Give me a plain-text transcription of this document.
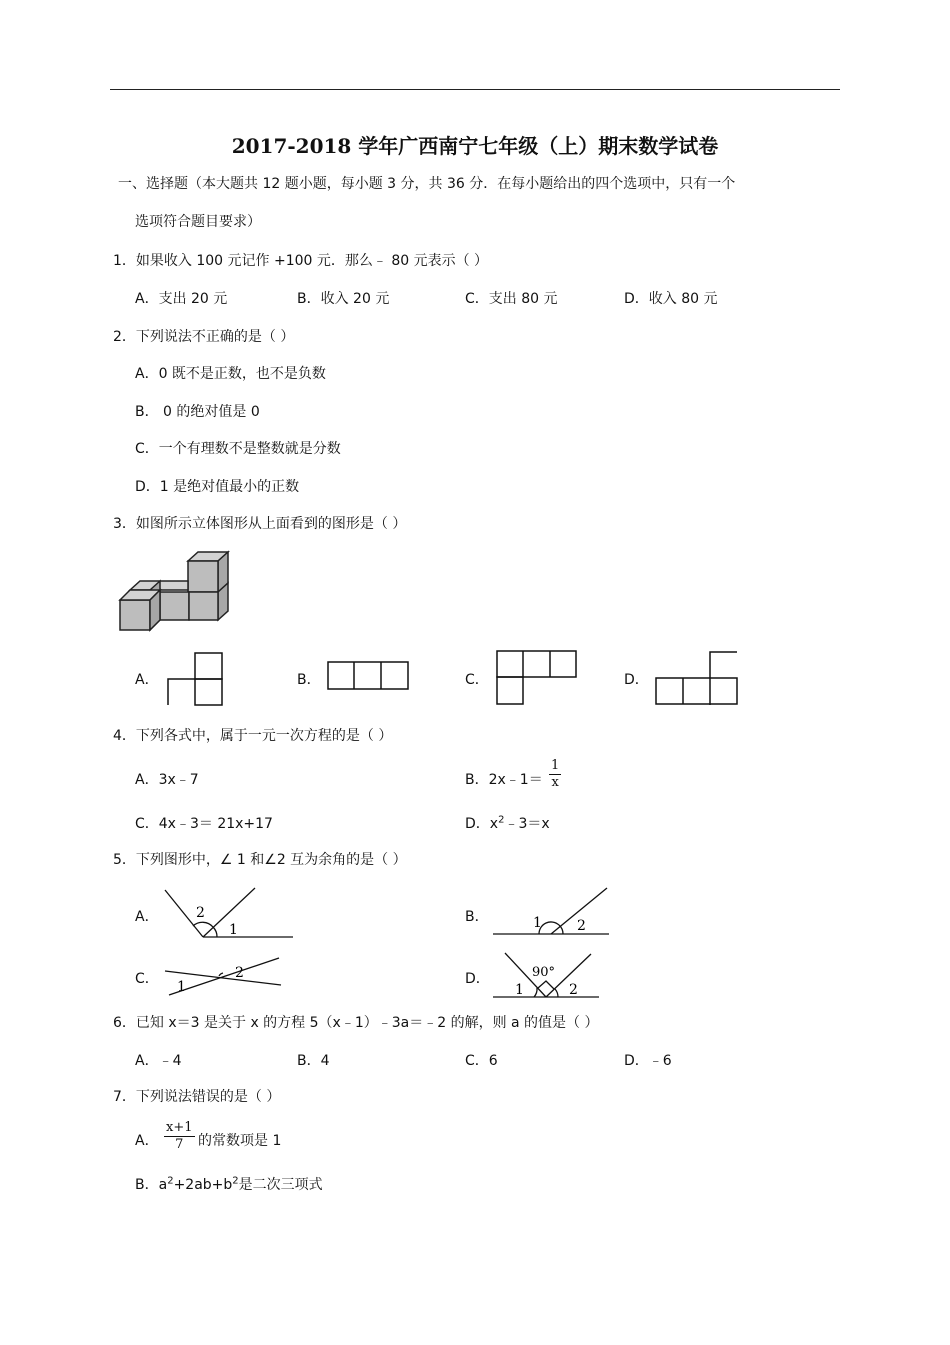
2017-2018 学年广西南宁七年级（上）期末数学试卷
一、选择题（本大题共 12 题小题，每小题 3 分，共 36 分．在每小题给出的四个选项中，只有一个
选项符合题目要求）
1．如果收入 100 元记作 +100 元．那么﹣ 80 元表示（ ）
A．支出 20 元	B．收入 20 元	C．支出 80 元	D．收入 80 元
2．下列说法不正确的是（ ）
A．0 既不是正数，也不是负数
B． 0 的绝对值是 0
C．一个有理数不是整数就是分数
D．1 是绝对值最小的正数
3．如图所示立体图形从上面看到的图形是（ ）
A．	B．	C．	D．
4．下列各式中，属于一元一次方程的是（ ）
A．3x﹣7	B．2x﹣1＝ $\frac{1}{x}$
C．4x﹣3＝ 21x+17	D．$x^2﹣3=x$
5．下列图形中，∠ 1 和∠2 互为余角的是（ ）
A．	2
1
B．	1	2
C． 1
2	D．	90°
1	2
6．已知 x＝3 是关于 x 的方程 5（x﹣1）﹣3a＝﹣2 的解，则 a 的值是（ ）
A．﹣4	B．4	C．6	D．﹣6
7．下列说法错误的是（ ）
A． $\frac{x+1}{7}$ 的常数项是 1
B．$a^2+2ab+b^2$是二次三项式
